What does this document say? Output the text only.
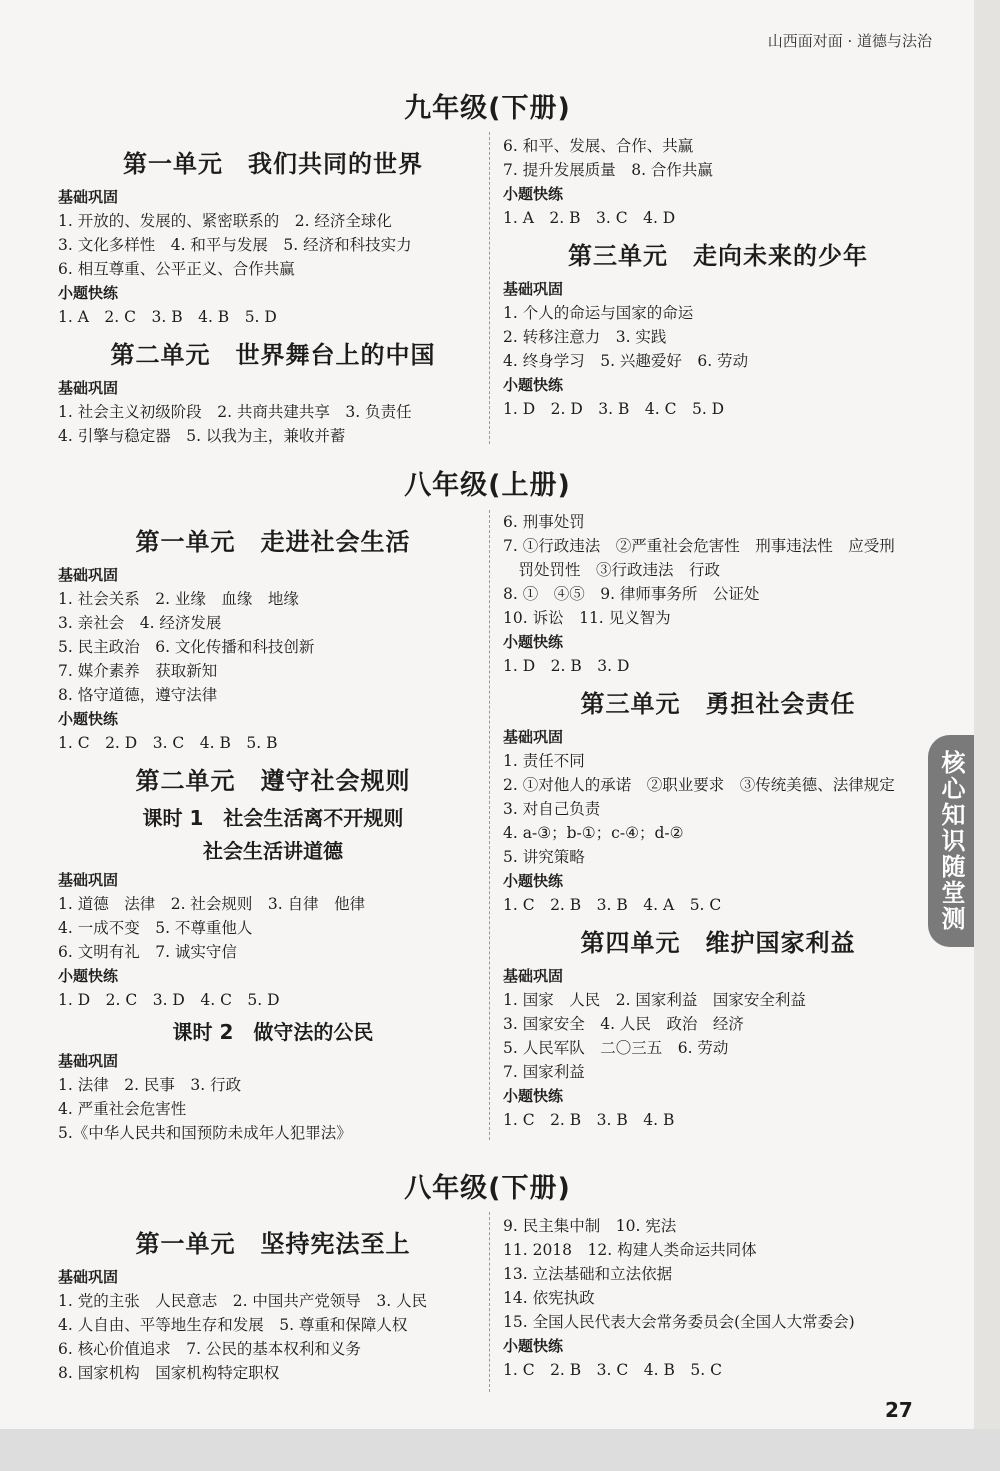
山西面对面 · 道德与法治
核心知识随堂测
27
九年级(下册)
第一单元　我们共同的世界
基础巩固
1. 开放的、发展的、紧密联系的　2. 经济全球化
3. 文化多样性　4. 和平与发展　5. 经济和科技实力
6. 相互尊重、公平正义、合作共赢
小题快练
1. A　2. C　3. B　4. B　5. D
第二单元　世界舞台上的中国
基础巩固
1. 社会主义初级阶段　2. 共商共建共享　3. 负责任
4. 引擎与稳定器　5. 以我为主，兼收并蓄
6. 和平、发展、合作、共赢
7. 提升发展质量　8. 合作共赢
小题快练
1. A　2. B　3. C　4. D
第三单元　走向未来的少年
基础巩固
1. 个人的命运与国家的命运
2. 转移注意力　3. 实践
4. 终身学习　5. 兴趣爱好　6. 劳动
小题快练
1. D　2. D　3. B　4. C　5. D
八年级(上册)
第一单元　走进社会生活
基础巩固
1. 社会关系　2. 业缘　血缘　地缘
3. 亲社会　4. 经济发展
5. 民主政治　6. 文化传播和科技创新
7. 媒介素养　获取新知
8. 恪守道德，遵守法律
小题快练
1. C　2. D　3. C　4. B　5. B
第二单元　遵守社会规则
课时 1　社会生活离不开规则
社会生活讲道德
基础巩固
1. 道德　法律　2. 社会规则　3. 自律　他律
4. 一成不变　5. 不尊重他人
6. 文明有礼　7. 诚实守信
小题快练
1. D　2. C　3. D　4. C　5. D
课时 2　做守法的公民
基础巩固
1. 法律　2. 民事　3. 行政
4. 严重社会危害性
5.《中华人民共和国预防未成年人犯罪法》
6. 刑事处罚
7. ①行政违法　②严重社会危害性　刑事违法性　应受刑
　罚处罚性　③行政违法　行政
8. ①　④⑤　9. 律师事务所　公证处
10. 诉讼　11. 见义智为
小题快练
1. D　2. B　3. D
第三单元　勇担社会责任
基础巩固
1. 责任不同
2. ①对他人的承诺　②职业要求　③传统美德、法律规定
3. 对自己负责
4. a-③；b-①；c-④；d-②
5. 讲究策略
小题快练
1. C　2. B　3. B　4. A　5. C
第四单元　维护国家利益
基础巩固
1. 国家　人民　2. 国家利益　国家安全利益
3. 国家安全　4. 人民　政治　经济
5. 人民军队　二〇三五　6. 劳动
7. 国家利益
小题快练
1. C　2. B　3. B　4. B
八年级(下册)
第一单元　坚持宪法至上
基础巩固
1. 党的主张　人民意志　2. 中国共产党领导　3. 人民
4. 人自由、平等地生存和发展　5. 尊重和保障人权
6. 核心价值追求　7. 公民的基本权利和义务
8. 国家机构　国家机构特定职权
9. 民主集中制　10. 宪法
11. 2018　12. 构建人类命运共同体
13. 立法基础和立法依据
14. 依宪执政
15. 全国人民代表大会常务委员会(全国人大常委会)
小题快练
1. C　2. B　3. C　4. B　5. C
